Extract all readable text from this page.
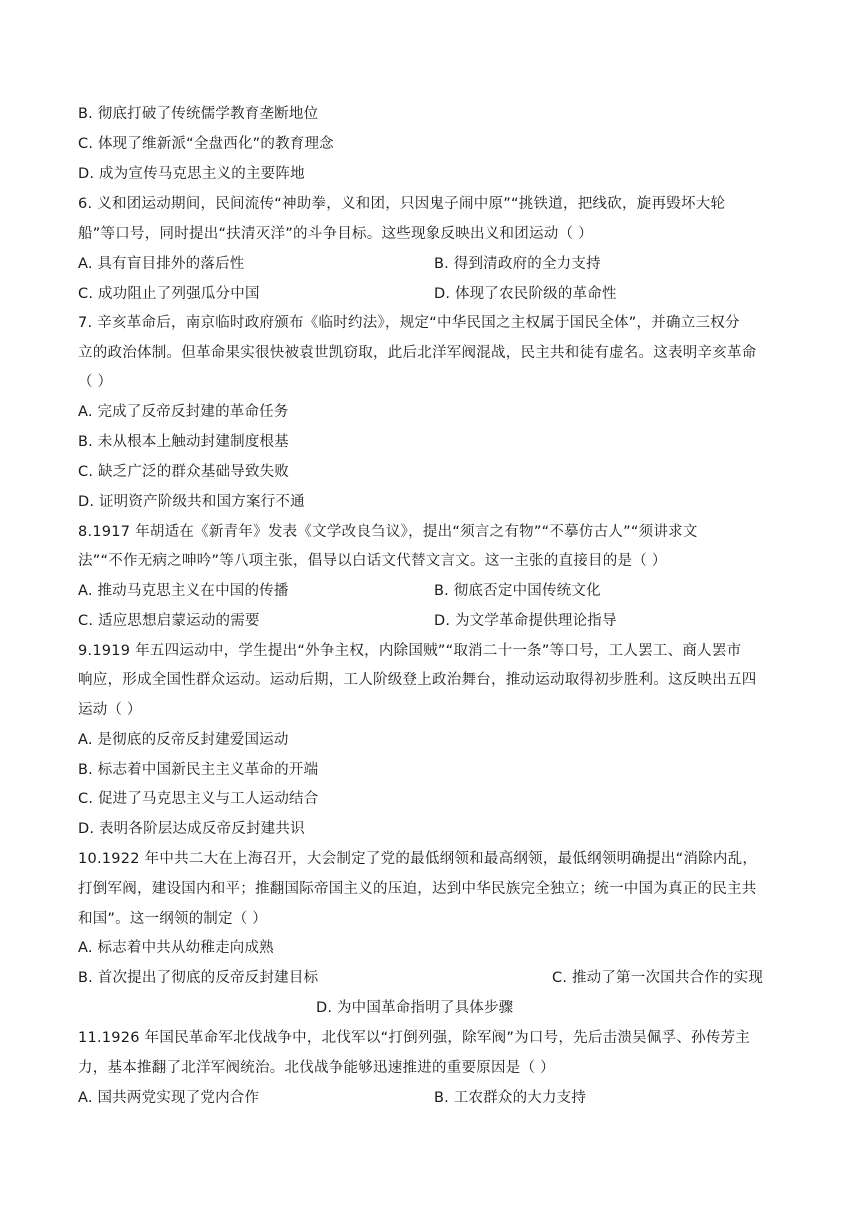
B. 彻底打破了传统儒学教育垄断地位
C. 体现了维新派“全盘西化”的教育理念
D. 成为宣传马克思主义的主要阵地
6. 义和团运动期间，民间流传“神助拳，义和团，只因鬼子闹中原”“挑铁道，把线砍，旋再毁坏大轮
船”等口号，同时提出“扶清灭洋”的斗争目标。这些现象反映出义和团运动（ ）
A. 具有盲目排外的落后性	B. 得到清政府的全力支持
C. 成功阻止了列强瓜分中国	D. 体现了农民阶级的革命性
7. 辛亥革命后，南京临时政府颁布《临时约法》，规定“中华民国之主权属于国民全体”，并确立三权分
立的政治体制。但革命果实很快被袁世凯窃取，此后北洋军阀混战，民主共和徒有虚名。这表明辛亥革命
（ ）
A. 完成了反帝反封建的革命任务
B. 未从根本上触动封建制度根基
C. 缺乏广泛的群众基础导致失败
D. 证明资产阶级共和国方案行不通
8.1917 年胡适在《新青年》发表《文学改良刍议》，提出“须言之有物”“不摹仿古人”“须讲求文
法”“不作无病之呻吟”等八项主张，倡导以白话文代替文言文。这一主张的直接目的是（ ）
A. 推动马克思主义在中国的传播	B. 彻底否定中国传统文化
C. 适应思想启蒙运动的需要	D. 为文学革命提供理论指导
9.1919 年五四运动中，学生提出“外争主权，内除国贼”“取消二十一条”等口号，工人罢工、商人罢市
响应，形成全国性群众运动。运动后期，工人阶级登上政治舞台，推动运动取得初步胜利。这反映出五四
运动（ ）
A. 是彻底的反帝反封建爱国运动
B. 标志着中国新民主主义革命的开端
C. 促进了马克思主义与工人运动结合
D. 表明各阶层达成反帝反封建共识
10.1922 年中共二大在上海召开，大会制定了党的最低纲领和最高纲领，最低纲领明确提出“消除内乱，
打倒军阀，建设国内和平；推翻国际帝国主义的压迫，达到中华民族完全独立；统一中国为真正的民主共
和国”。这一纲领的制定（ ）
A. 标志着中共从幼稚走向成熟
B. 首次提出了彻底的反帝反封建目标	C. 推动了第一次国共合作的实现
D. 为中国革命指明了具体步骤
11.1926 年国民革命军北伐战争中，北伐军以“打倒列强，除军阀”为口号，先后击溃吴佩孚、孙传芳主
力，基本推翻了北洋军阀统治。北伐战争能够迅速推进的重要原因是（ ）
A. 国共两党实现了党内合作	B. 工农群众的大力支持
